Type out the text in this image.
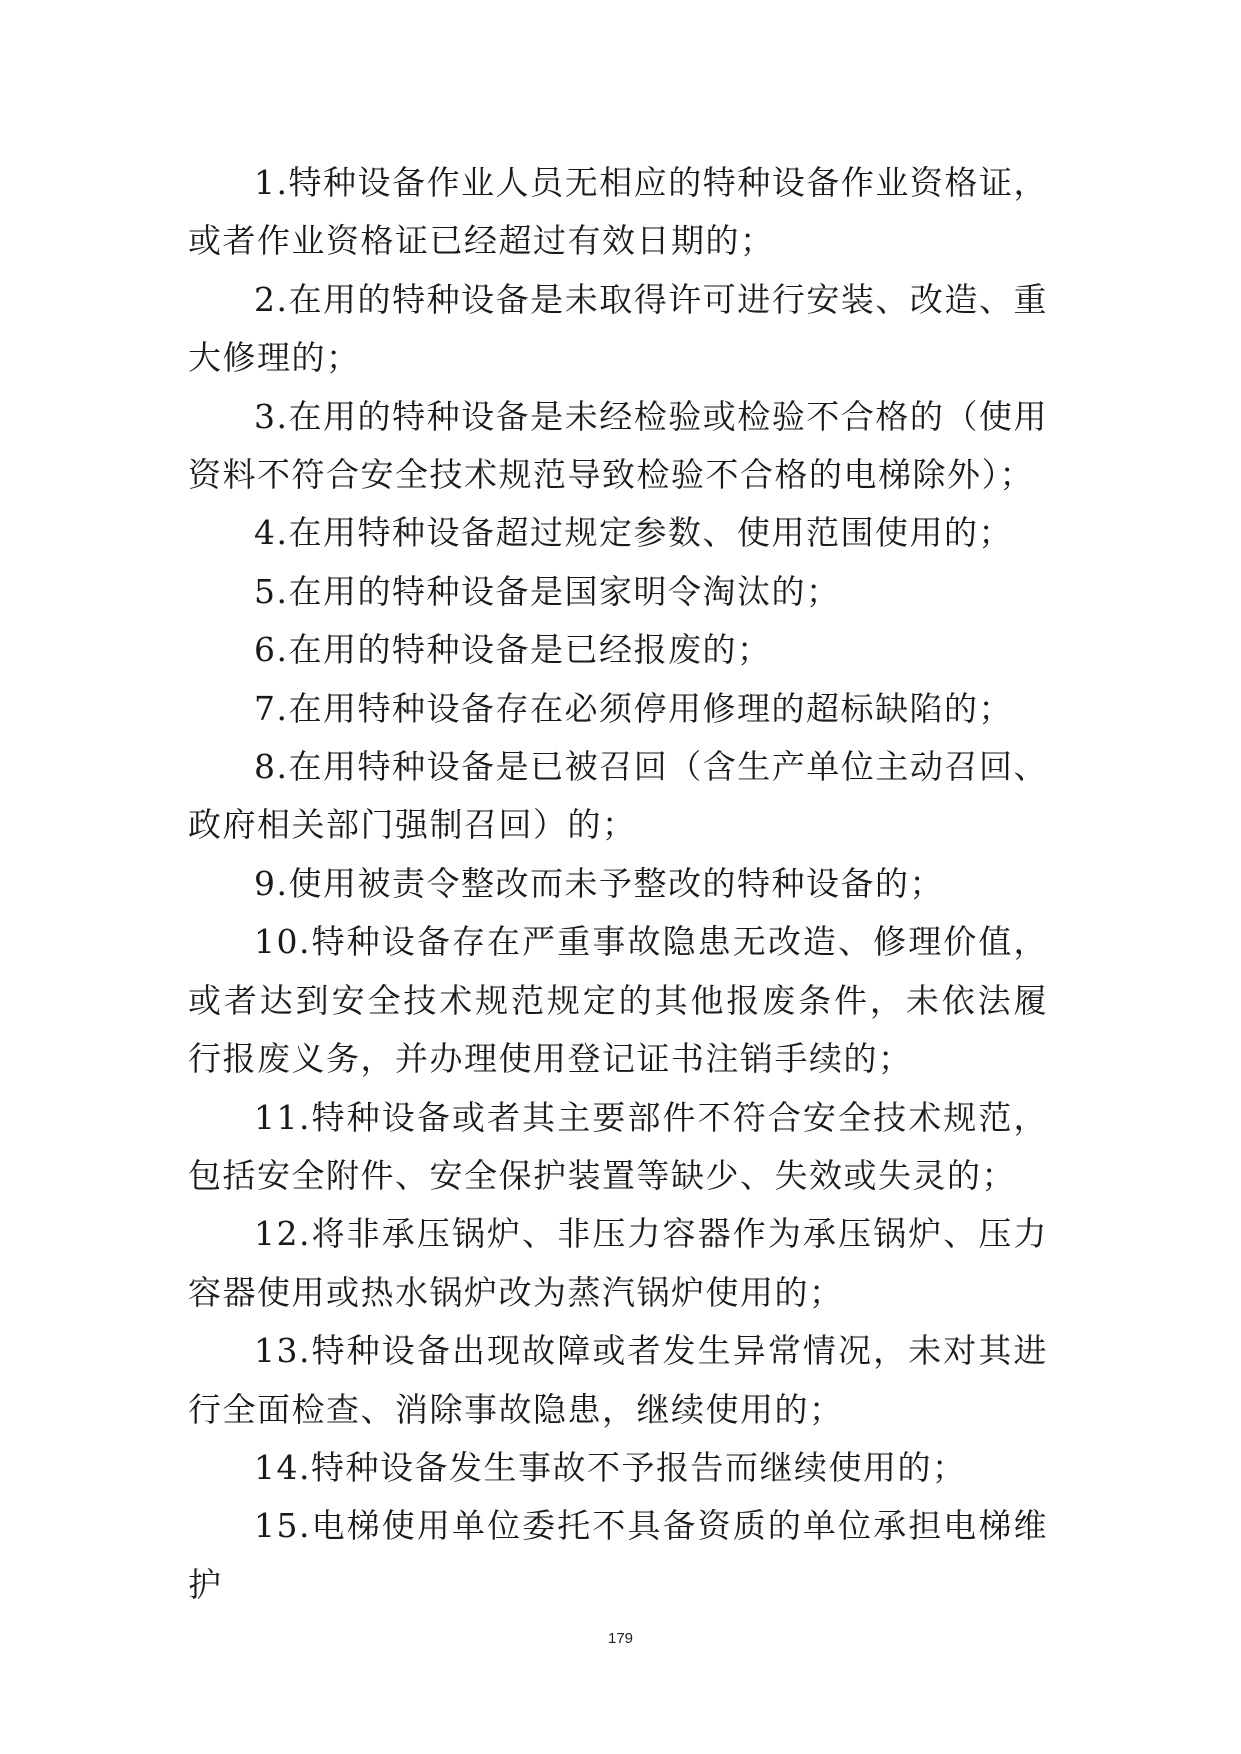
1.特种设备作业人员无相应的特种设备作业资格证，或者作业资格证已经超过有效日期的；

2.在用的特种设备是未取得许可进行安装、改造、重大修理的；

3.在用的特种设备是未经检验或检验不合格的（使用资料不符合安全技术规范导致检验不合格的电梯除外）；

4.在用特种设备超过规定参数、使用范围使用的；

5.在用的特种设备是国家明令淘汰的；

6.在用的特种设备是已经报废的；

7.在用特种设备存在必须停用修理的超标缺陷的；

8.在用特种设备是已被召回（含生产单位主动召回、政府相关部门强制召回）的；

9.使用被责令整改而未予整改的特种设备的；

10.特种设备存在严重事故隐患无改造、修理价值，或者达到安全技术规范规定的其他报废条件，未依法履行报废义务，并办理使用登记证书注销手续的；

11.特种设备或者其主要部件不符合安全技术规范，包括安全附件、安全保护装置等缺少、失效或失灵的；

12.将非承压锅炉、非压力容器作为承压锅炉、压力容器使用或热水锅炉改为蒸汽锅炉使用的；

13.特种设备出现故障或者发生异常情况，未对其进行全面检查、消除事故隐患，继续使用的；

14.特种设备发生事故不予报告而继续使用的；

15.电梯使用单位委托不具备资质的单位承担电梯维护

179
